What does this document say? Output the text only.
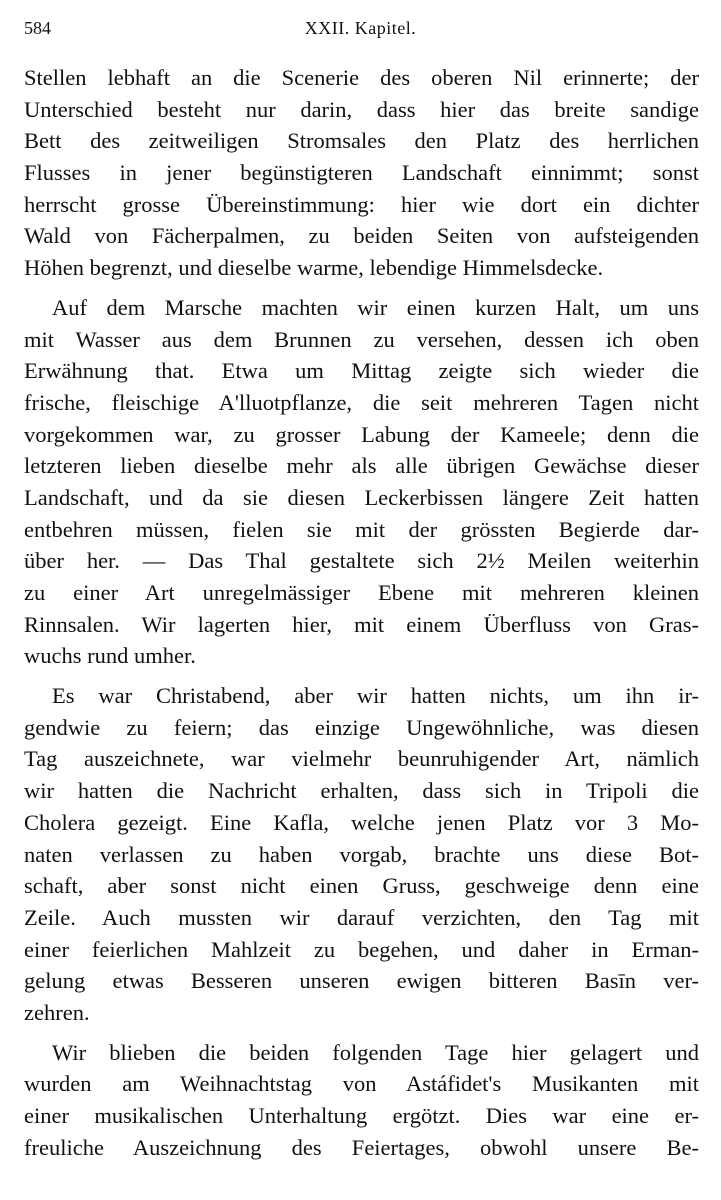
584	XXII. Kapitel.
Stellen lebhaft an die Scenerie des oberen Nil erinnerte; der
Unterschied besteht nur darin, dass hier das breite sandige
Bett des zeitweiligen Stromsales den Platz des herrlichen
Flusses in jener begünstigteren Landschaft einnimmt; sonst
herrscht grosse Übereinstimmung: hier wie dort ein dichter
Wald von Fächerpalmen, zu beiden Seiten von aufsteigenden
Höhen begrenzt, und dieselbe warme, lebendige Himmelsdecke.
Auf dem Marsche machten wir einen kurzen Halt, um uns
mit Wasser aus dem Brunnen zu versehen, dessen ich oben
Erwähnung that. Etwa um Mittag zeigte sich wieder die
frische, fleischige A'lluotpflanze, die seit mehreren Tagen nicht
vorgekommen war, zu grosser Labung der Kameele; denn die
letzteren lieben dieselbe mehr als alle übrigen Gewächse dieser
Landschaft, und da sie diesen Leckerbissen längere Zeit hatten
entbehren müssen, fielen sie mit der grössten Begierde dar-
über her. — Das Thal gestaltete sich 2½ Meilen weiterhin
zu einer Art unregelmässiger Ebene mit mehreren kleinen
Rinnsalen. Wir lagerten hier, mit einem Überfluss von Gras-
wuchs rund umher.
Es war Christabend, aber wir hatten nichts, um ihn ir-
gendwie zu feiern; das einzige Ungewöhnliche, was diesen
Tag auszeichnete, war vielmehr beunruhigender Art, nämlich
wir hatten die Nachricht erhalten, dass sich in Tripoli die
Cholera gezeigt. Eine Kafla, welche jenen Platz vor 3 Mo-
naten verlassen zu haben vorgab, brachte uns diese Bot-
schaft, aber sonst nicht einen Gruss, geschweige denn eine
Zeile. Auch mussten wir darauf verzichten, den Tag mit
einer feierlichen Mahlzeit zu begehen, und daher in Erman-
gelung etwas Besseren unseren ewigen bitteren Basīn ver-
zehren.
Wir blieben die beiden folgenden Tage hier gelagert und
wurden am Weihnachtstag von Astáfidet's Musikanten mit
einer musikalischen Unterhaltung ergötzt. Dies war eine er-
freuliche Auszeichnung des Feiertages, obwohl unsere Be-
